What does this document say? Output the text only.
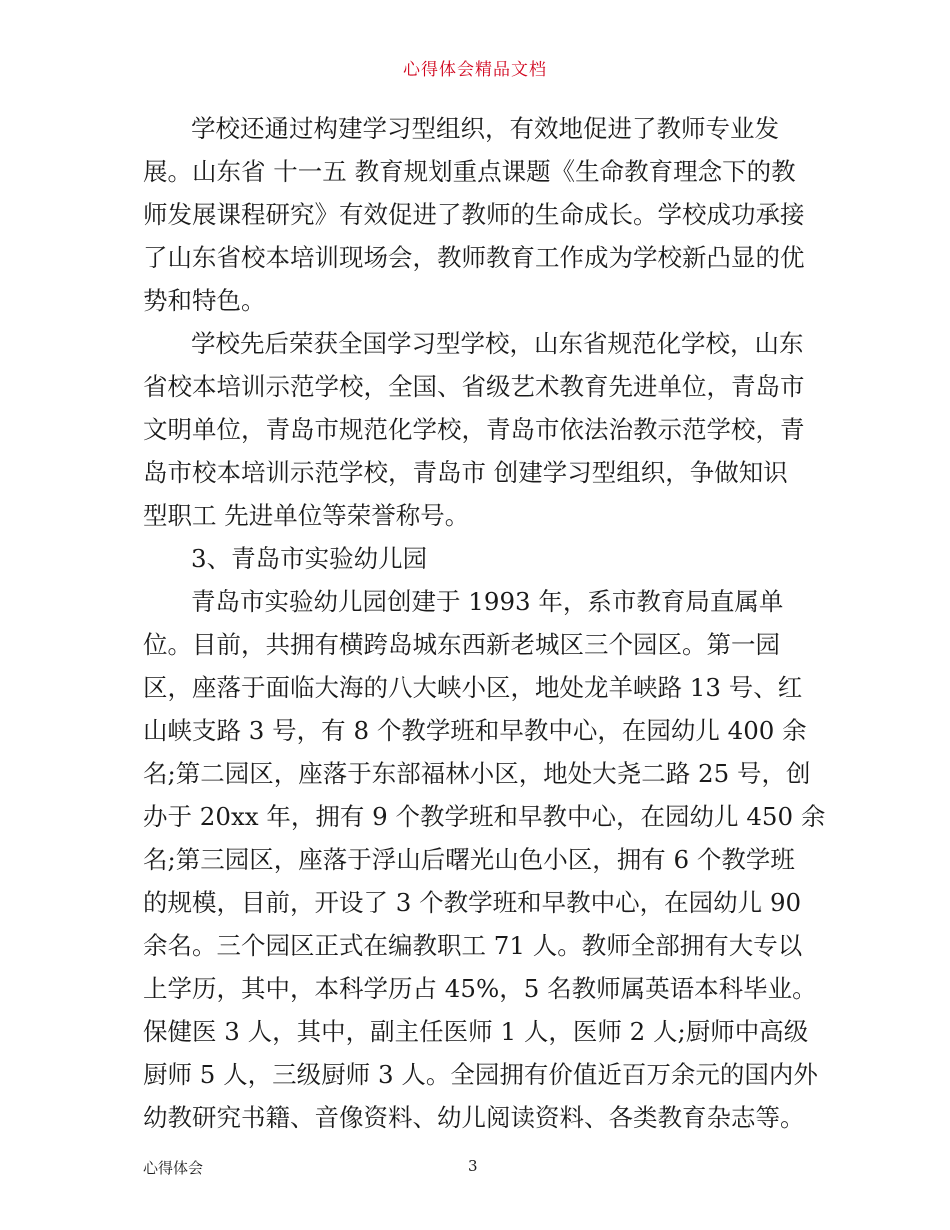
心得体会精品文档
学校还通过构建学习型组织，有效地促进了教师专业发
展。山东省 十一五 教育规划重点课题《生命教育理念下的教
师发展课程研究》有效促进了教师的生命成长。学校成功承接
了山东省校本培训现场会，教师教育工作成为学校新凸显的优
势和特色。
学校先后荣获全国学习型学校，山东省规范化学校，山东
省校本培训示范学校，全国、省级艺术教育先进单位，青岛市
文明单位，青岛市规范化学校，青岛市依法治教示范学校，青
岛市校本培训示范学校，青岛市 创建学习型组织，争做知识
型职工 先进单位等荣誉称号。
3、青岛市实验幼儿园
青岛市实验幼儿园创建于 1993 年，系市教育局直属单
位。目前，共拥有横跨岛城东西新老城区三个园区。第一园
区，座落于面临大海的八大峡小区，地处龙羊峡路 13 号、红
山峡支路 3 号，有 8 个教学班和早教中心，在园幼儿 400 余
名;第二园区，座落于东部福林小区，地处大尧二路 25 号，创
办于 20xx 年，拥有 9 个教学班和早教中心，在园幼儿 450 余
名;第三园区，座落于浮山后曙光山色小区，拥有 6 个教学班
的规模，目前，开设了 3 个教学班和早教中心，在园幼儿 90
余名。三个园区正式在编教职工 71 人。教师全部拥有大专以
上学历，其中，本科学历占 45%，5 名教师属英语本科毕业。
保健医 3 人，其中，副主任医师 1 人，医师 2 人;厨师中高级
厨师 5 人，三级厨师 3 人。全园拥有价值近百万余元的国内外
幼教研究书籍、音像资料、幼儿阅读资料、各类教育杂志等。
心得体会	3
